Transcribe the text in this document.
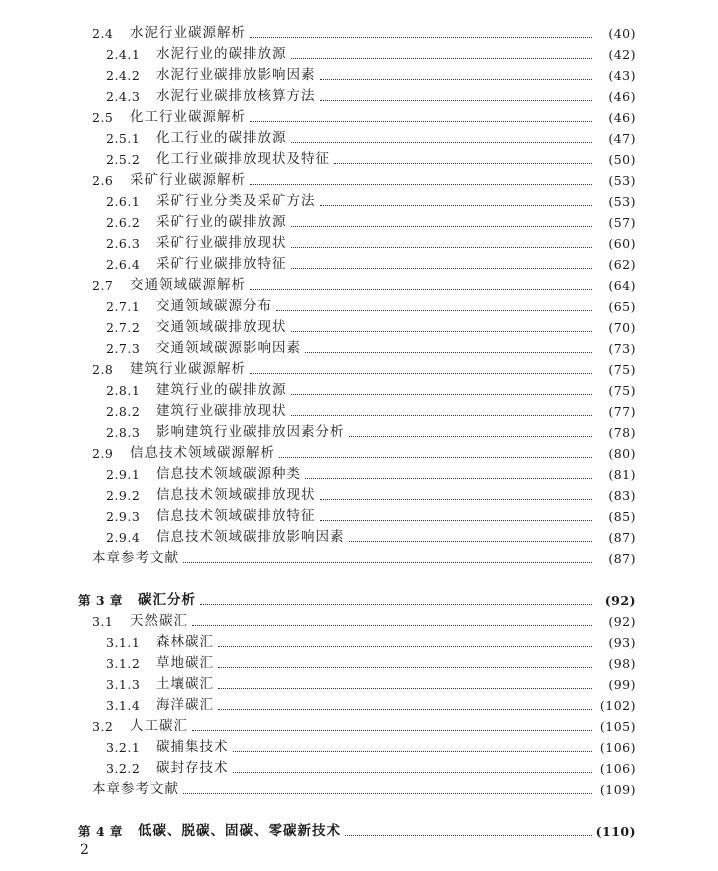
2.4	水泥行业碳源解析	(40)
2.4.1	水泥行业的碳排放源	(42)
2.4.2	水泥行业碳排放影响因素	(43)
2.4.3	水泥行业碳排放核算方法	(46)
2.5	化工行业碳源解析	(46)
2.5.1	化工行业的碳排放源	(47)
2.5.2	化工行业碳排放现状及特征	(50)
2.6	采矿行业碳源解析	(53)
2.6.1	采矿行业分类及采矿方法	(53)
2.6.2	采矿行业的碳排放源	(57)
2.6.3	采矿行业碳排放现状	(60)
2.6.4	采矿行业碳排放特征	(62)
2.7	交通领域碳源解析	(64)
2.7.1	交通领域碳源分布	(65)
2.7.2	交通领域碳排放现状	(70)
2.7.3	交通领域碳源影响因素	(73)
2.8	建筑行业碳源解析	(75)
2.8.1	建筑行业的碳排放源	(75)
2.8.2	建筑行业碳排放现状	(77)
2.8.3	影响建筑行业碳排放因素分析	(78)
2.9	信息技术领域碳源解析	(80)
2.9.1	信息技术领域碳源种类	(81)
2.9.2	信息技术领域碳排放现状	(83)
2.9.3	信息技术领域碳排放特征	(85)
2.9.4	信息技术领域碳排放影响因素	(87)
本章参考文献	(87)
第 3 章	碳汇分析	(92)
3.1	天然碳汇	(92)
3.1.1	森林碳汇	(93)
3.1.2	草地碳汇	(98)
3.1.3	土壤碳汇	(99)
3.1.4	海洋碳汇	(102)
3.2	人工碳汇	(105)
3.2.1	碳捕集技术	(106)
3.2.2	碳封存技术	(106)
本章参考文献	(109)
第 4 章	低碳、脱碳、固碳、零碳新技术	(110)
2
